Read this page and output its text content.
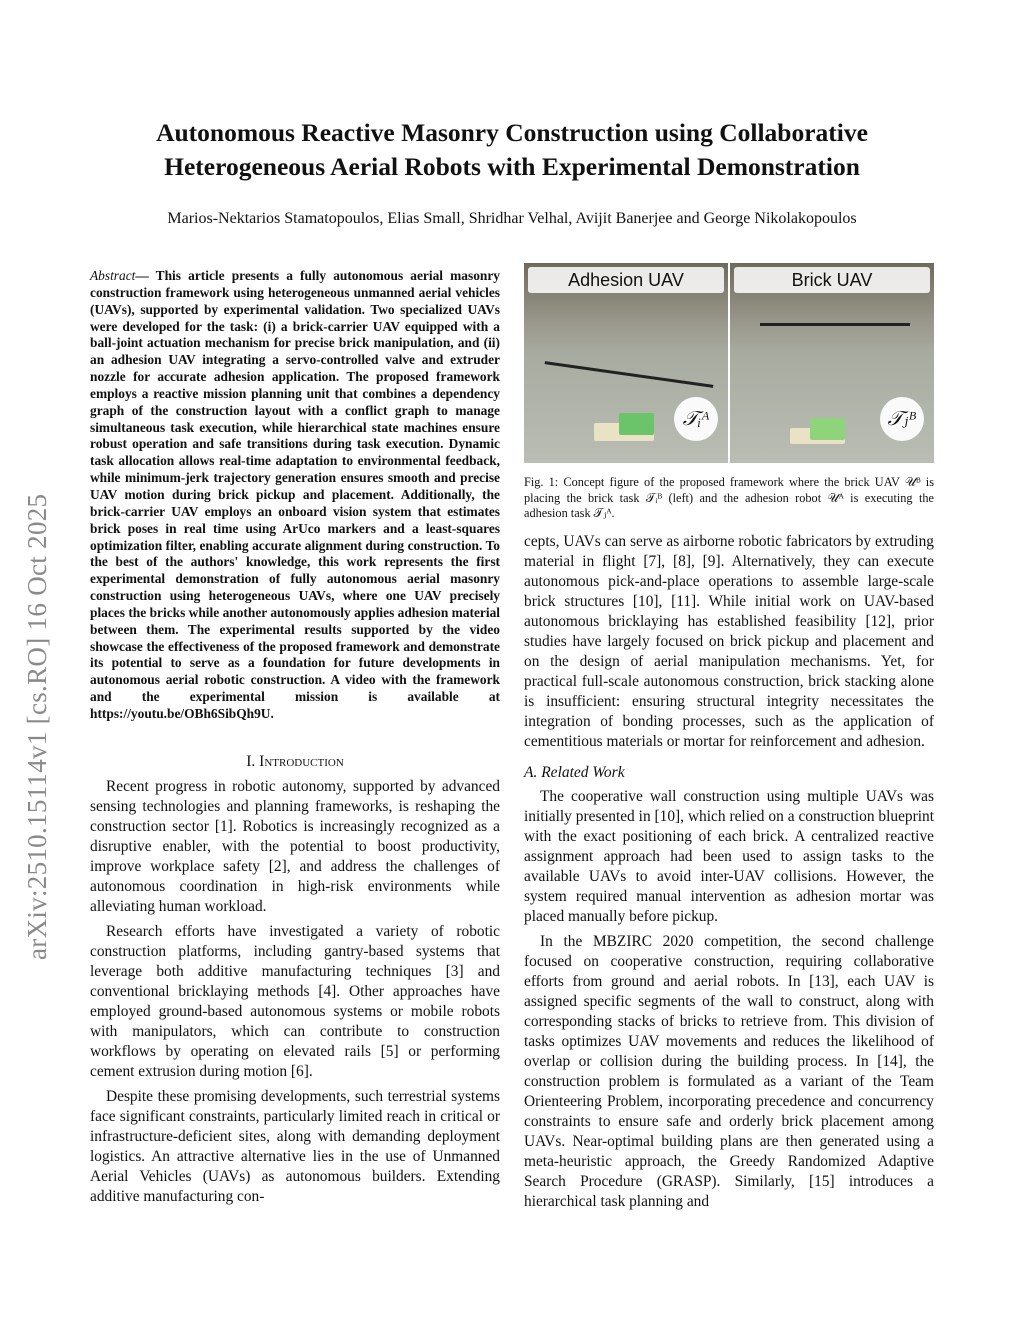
arXiv:2510.15114v1 [cs.RO] 16 Oct 2025
Autonomous Reactive Masonry Construction using Collaborative
Heterogeneous Aerial Robots with Experimental Demonstration
Marios-Nektarios Stamatopoulos, Elias Small, Shridhar Velhal, Avijit Banerjee and George Nikolakopoulos

Abstract— This article presents a fully autonomous aerial masonry construction framework using heterogeneous unmanned aerial vehicles (UAVs), supported by experimental validation. Two specialized UAVs were developed for the task: (i) a brick-carrier UAV equipped with a ball-joint actuation mechanism for precise brick manipulation, and (ii) an adhesion UAV integrating a servo-controlled valve and extruder nozzle for accurate adhesion application. The proposed framework employs a reactive mission planning unit that combines a dependency graph of the construction layout with a conflict graph to manage simultaneous task execution, while hierarchical state machines ensure robust operation and safe transitions during task execution. Dynamic task allocation allows real-time adaptation to environmental feedback, while minimum-jerk trajectory generation ensures smooth and precise UAV motion during brick pickup and placement. Additionally, the brick-carrier UAV employs an onboard vision system that estimates brick poses in real time using ArUco markers and a least-squares optimization filter, enabling accurate alignment during construction. To the best of the authors' knowledge, this work represents the first experimental demonstration of fully autonomous aerial masonry construction using heterogeneous UAVs, where one UAV precisely places the bricks while another autonomously applies adhesion material between them. The experimental results supported by the video showcase the effectiveness of the proposed framework and demonstrate its potential to serve as a foundation for future developments in autonomous aerial robotic construction. A video with the framework and the experimental mission is available at https://youtu.be/OBh6SibQh9U.

I. Introduction

Recent progress in robotic autonomy, supported by advanced sensing technologies and planning frameworks, is reshaping the construction sector [1]. Robotics is increasingly recognized as a disruptive enabler, with the potential to boost productivity, improve workplace safety [2], and address the challenges of autonomous coordination in high-risk environments while alleviating human workload.

Research efforts have investigated a variety of robotic construction platforms, including gantry-based systems that leverage both additive manufacturing techniques [3] and conventional bricklaying methods [4]. Other approaches have employed ground-based autonomous systems or mobile robots with manipulators, which can contribute to construction workflows by operating on elevated rails [5] or performing cement extrusion during motion [6].

Despite these promising developments, such terrestrial systems face significant constraints, particularly limited reach in critical or infrastructure-deficient sites, along with demanding deployment logistics. An attractive alternative lies in the use of Unmanned Aerial Vehicles (UAVs) as autonomous builders. Extending additive manufacturing con-

Adhesion UAV
𝒯ᵢᴬ
Brick UAV
𝒯ⱼᴮ
Fig. 1: Concept figure of the proposed framework where the brick UAV 𝒰ᴮ is placing the brick task 𝒯ᵢᴮ (left) and the adhesion robot 𝒰ᴬ is executing the adhesion task 𝒯ⱼᴬ.

cepts, UAVs can serve as airborne robotic fabricators by extruding material in flight [7], [8], [9]. Alternatively, they can execute autonomous pick-and-place operations to assemble large-scale brick structures [10], [11]. While initial work on UAV-based autonomous bricklaying has established feasibility [12], prior studies have largely focused on brick pickup and placement and on the design of aerial manipulation mechanisms. Yet, for practical full-scale autonomous construction, brick stacking alone is insufficient: ensuring structural integrity necessitates the integration of bonding processes, such as the application of cementitious materials or mortar for reinforcement and adhesion.

A. Related Work

The cooperative wall construction using multiple UAVs was initially presented in [10], which relied on a construction blueprint with the exact positioning of each brick. A centralized reactive assignment approach had been used to assign tasks to the available UAVs to avoid inter-UAV collisions. However, the system required manual intervention as adhesion mortar was placed manually before pickup.

In the MBZIRC 2020 competition, the second challenge focused on cooperative construction, requiring collaborative efforts from ground and aerial robots. In [13], each UAV is assigned specific segments of the wall to construct, along with corresponding stacks of bricks to retrieve from. This division of tasks optimizes UAV movements and reduces the likelihood of overlap or collision during the building process. In [14], the construction problem is formulated as a variant of the Team Orienteering Problem, incorporating precedence and concurrency constraints to ensure safe and orderly brick placement among UAVs. Near-optimal building plans are then generated using a meta-heuristic approach, the Greedy Randomized Adaptive Search Procedure (GRASP). Similarly, [15] introduces a hierarchical task planning and
